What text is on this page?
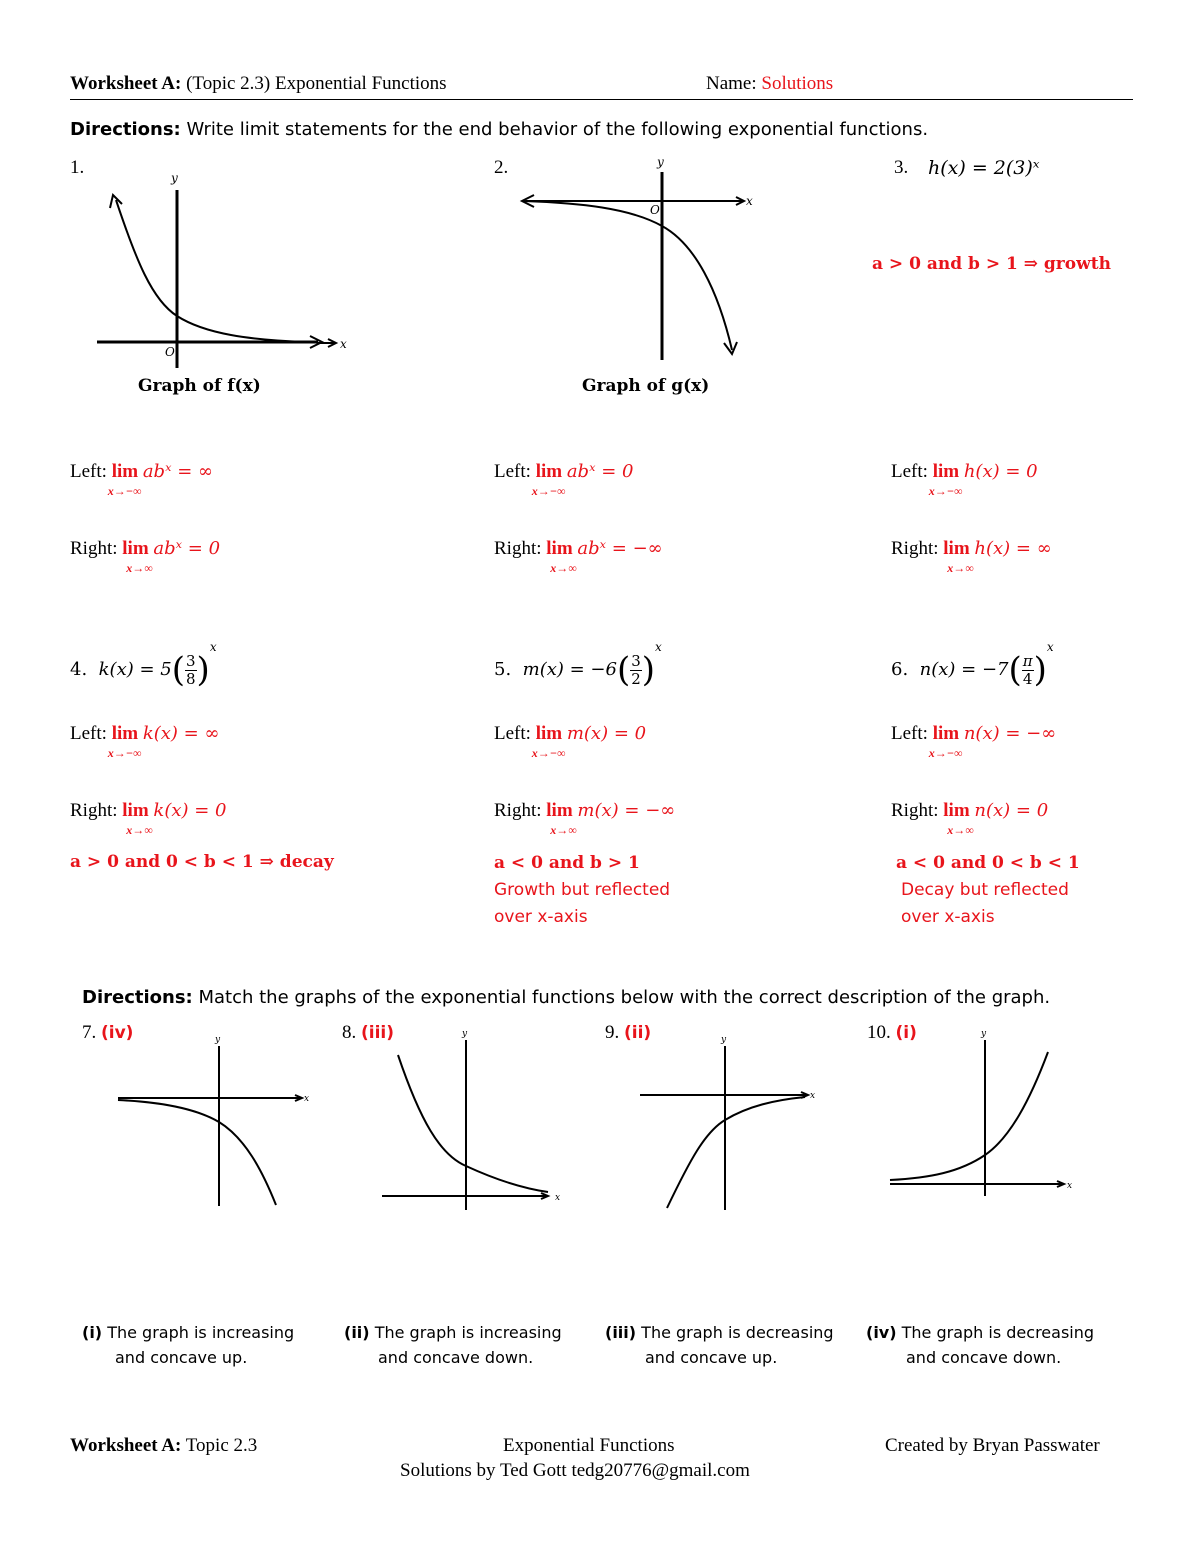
Worksheet A: (Topic 2.3) Exponential Functions	Name: Solutions
Directions: Write limit statements for the end behavior of the following exponential functions.
1.	2.	3. h(x) = 2(3)ˣ
a > 0 and b > 1 ⇒ growth
x
y
O
Graph of f(x)
x
y
O
Graph of g(x)
Left: lim
x→−∞
abˣ = ∞
Right: lim
x→∞
abˣ = 0
Left: lim
x→−∞
abˣ = 0
Right: lim
x→∞
abˣ = −∞
Left: lim
x→−∞
h(x) = 0
Right: lim
x→∞
h(x) = ∞
4. $k(x) = 5( \frac{3}{8} )^x$
5. $m(x) = -6( \frac{3}{2} )^x$
6. $n(x) = -7( \frac{\pi}{4} )^x$
Left: lim
x→−∞
k(x) = ∞
Right: lim
x→∞
k(x) = 0
a > 0 and 0 < b < 1 ⇒ decay
Left: lim
x→−∞
m(x) = 0
Right: lim
x→∞
m(x) = −∞
a < 0 and b > 1
Growth but reflected
over x-axis
Left: lim
x→−∞
n(x) = −∞
Right: lim
x→∞
n(x) = 0
a < 0 and 0 < b < 1
Decay but reflected
over x-axis
Directions: Match the graphs of the exponential functions below with the correct description of the graph.
7. (iv)	8. (iii)	9. (ii)	10. (i)
x
y
x
y
x
y
x
y
(i) The graph is increasing
and concave up.
(ii) The graph is increasing
and concave down.
(iii) The graph is decreasing
and concave up.
(iv) The graph is decreasing
and concave down.
Worksheet A: Topic 2.3	Exponential Functions	Created by Bryan Passwater
Solutions by Ted Gott tedg20776@gmail.com
